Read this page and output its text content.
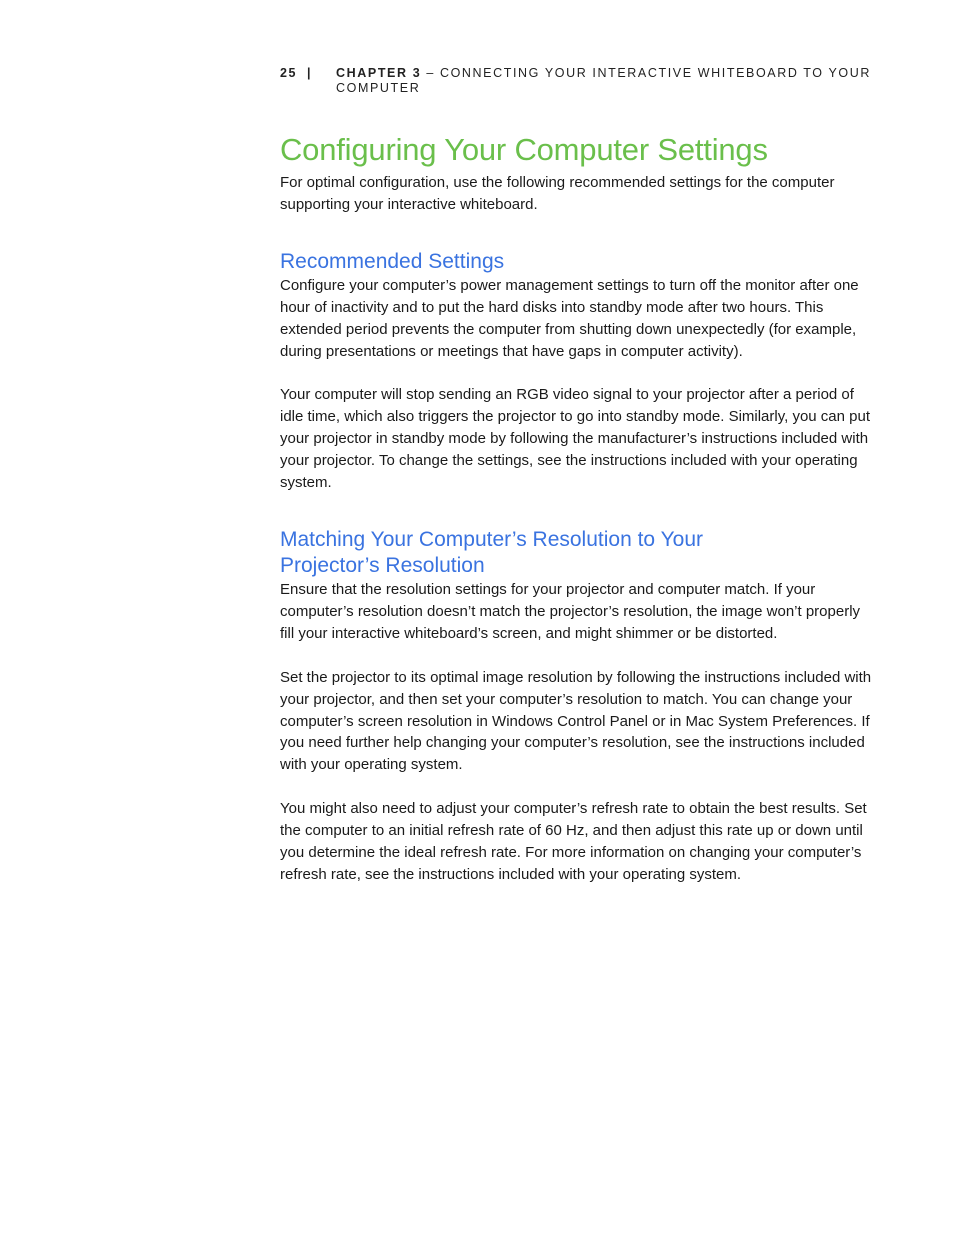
25 | CHAPTER 3 – CONNECTING YOUR INTERACTIVE WHITEBOARD TO YOUR COMPUTER
Configuring Your Computer Settings

For optimal configuration, use the following recommended settings for the computer supporting your interactive whiteboard.

Recommended Settings

Configure your computer’s power management settings to turn off the monitor after one hour of inactivity and to put the hard disks into standby mode after two hours. This extended period prevents the computer from shutting down unexpectedly (for example, during presentations or meetings that have gaps in computer activity).

Your computer will stop sending an RGB video signal to your projector after a period of idle time, which also triggers the projector to go into standby mode. Similarly, you can put your projector in standby mode by following the manufacturer’s instructions included with your projector. To change the settings, see the instructions included with your operating system.

Matching Your Computer’s Resolution to Your
Projector’s Resolution

Ensure that the resolution settings for your projector and computer match. If your computer’s resolution doesn’t match the projector’s resolution, the image won’t properly fill your interactive whiteboard’s screen, and might shimmer or be distorted.

Set the projector to its optimal image resolution by following the instructions included with your projector, and then set your computer’s resolution to match. You can change your computer’s screen resolution in Windows Control Panel or in Mac System Preferences. If you need further help changing your computer’s resolution, see the instructions included with your operating system.

You might also need to adjust your computer’s refresh rate to obtain the best results. Set the computer to an initial refresh rate of 60 Hz, and then adjust this rate up or down until you determine the ideal refresh rate. For more information on changing your computer’s refresh rate, see the instructions included with your operating system.
